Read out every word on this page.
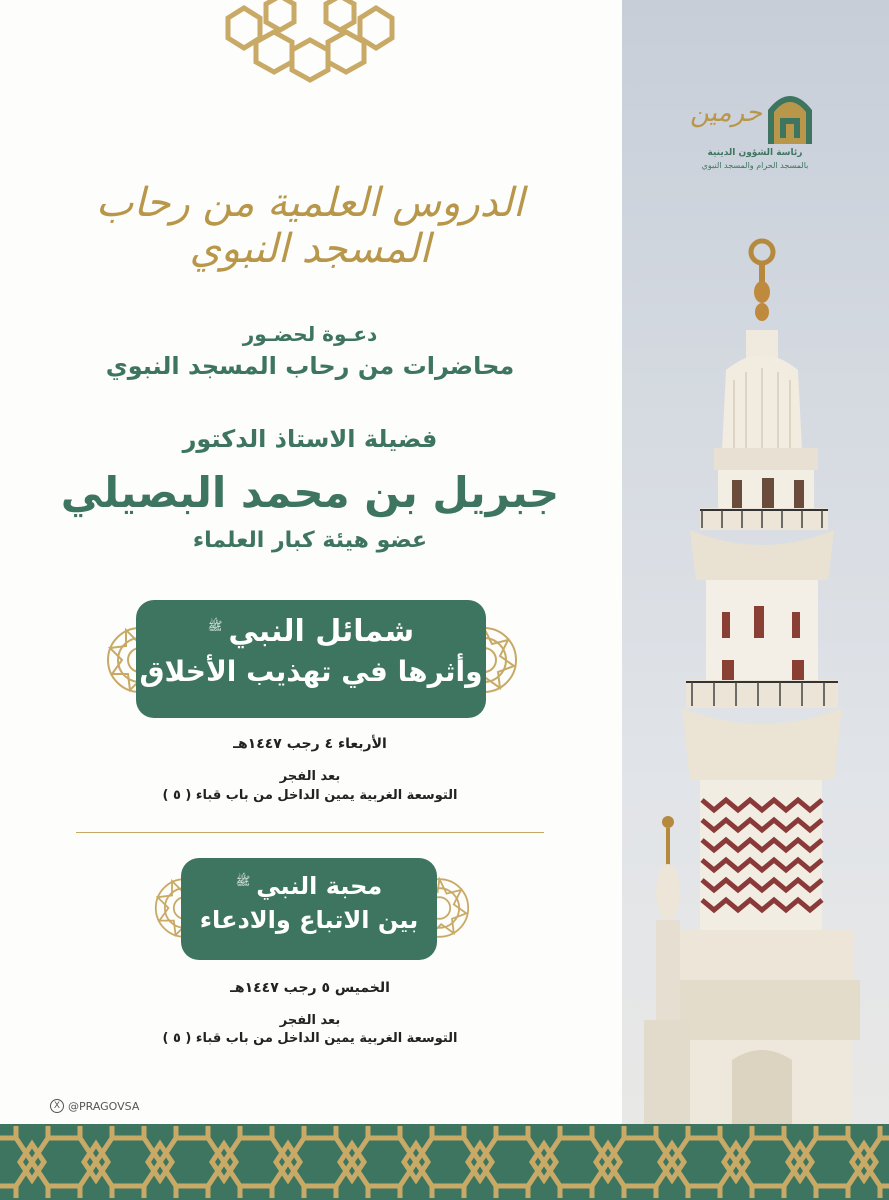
الدروس العلمية من رحاب المسجد النبوي
دعـوة لحضـور
محاضرات من رحاب المسجد النبوي
فضيلة الاستاذ الدكتور
جبريل بن محمد البصيلي
عضو هيئة كبار العلماء
شمائل النبي$^ﷺ$
وأثرها في تهذيب الأخلاق
الأربعاء ٤ رجب ١٤٤٧هـ
بعد الفجر
التوسعة الغربية يمين الداخل من باب قباء ( ٥ )
محبة النبي$^ﷺ$
بين الاتباع والادعاء
الخميس ٥ رجب ١٤٤٧هـ
بعد الفجر
التوسعة الغربية يمين الداخل من باب قباء ( ٥ )
X @PRAGOVSA
حرمين
رئاسة الشؤون الدينية
بالمسجد الحرام والمسجد النبوي
